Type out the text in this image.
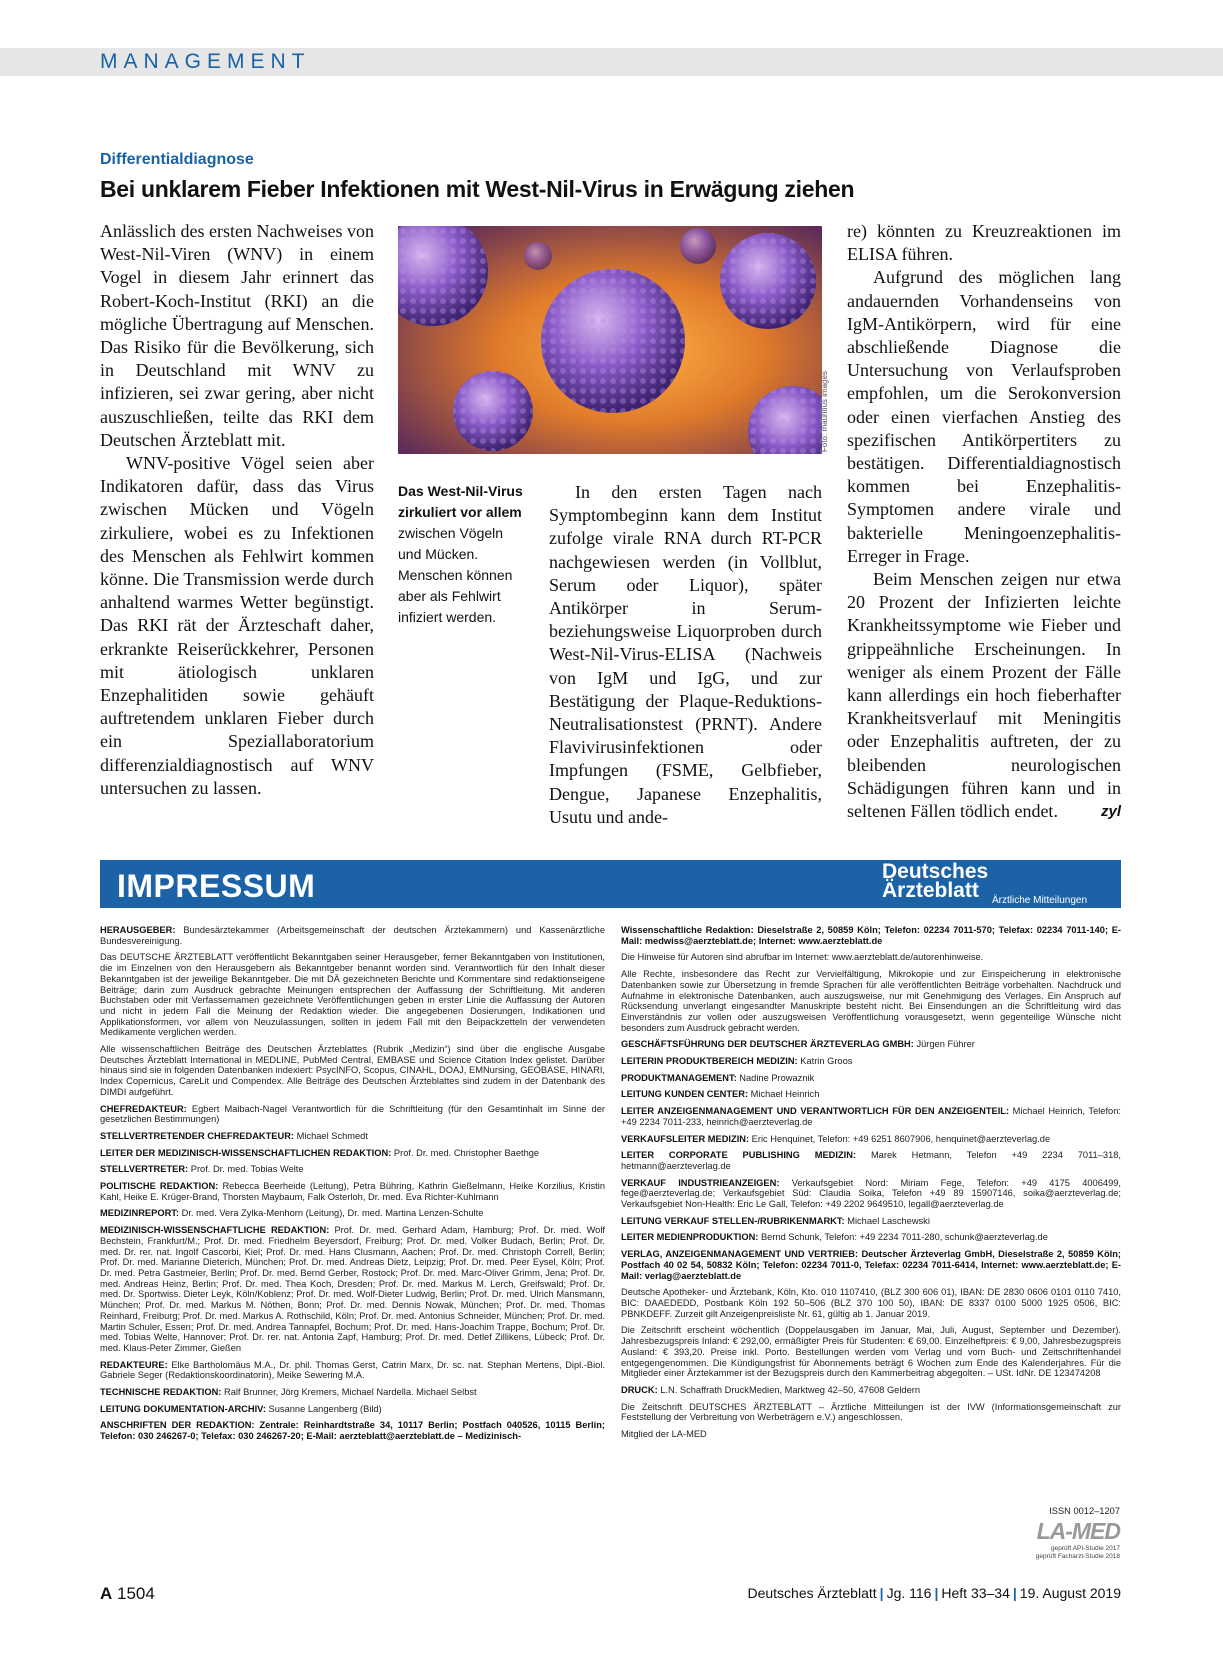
MANAGEMENT
Differentialdiagnose
Bei unklarem Fieber Infektionen mit West-Nil-Virus in Erwägung ziehen

Anlässlich des ersten Nachweises von West-Nil-Viren (WNV) in einem Vogel in diesem Jahr erinnert das Robert-Koch-Institut (RKI) an die mögliche Übertragung auf Menschen. Das Risiko für die Bevölkerung, sich in Deutschland mit WNV zu infizieren, sei zwar gering, aber nicht auszuschließen, teilte das RKI dem Deutschen Ärzteblatt mit.

WNV-positive Vögel seien aber Indikatoren dafür, dass das Virus zwischen Mücken und Vögeln zirkuliere, wobei es zu Infektionen des Menschen als Fehlwirt kommen könne. Die Transmission werde durch anhaltend warmes Wetter begünstigt. Das RKI rät der Ärzteschaft daher, erkrankte Reiserückkehrer, Personen mit ätiologisch unklaren Enzephalitiden sowie gehäuft auftretendem unklaren Fieber durch ein Speziallaboratorium differenzialdiagnostisch auf WNV untersuchen zu lassen.

Foto: mauritius images
Das West-Nil-Virus zirkuliert vor allem zwischen Vögeln und Mücken. Menschen können aber als Fehlwirt infiziert werden.

In den ersten Tagen nach Symptombeginn kann dem Institut zufolge virale RNA durch RT-PCR nachgewiesen werden (in Vollblut, Serum oder Liquor), später Antikörper in Serum- beziehungsweise Liquorproben durch West-Nil-Virus-ELISA (Nachweis von IgM und IgG, und zur Bestätigung der Plaque-Reduktions-Neutralisationstest (PRNT). Andere Flavivirusinfektionen oder Impfungen (FSME, Gelbfieber, Dengue, Japanese Enzephalitis, Usutu und ande-

re) könnten zu Kreuzreaktionen im ELISA führen.

Aufgrund des möglichen lang andauernden Vorhandenseins von IgM-Antikörpern, wird für eine abschließende Diagnose die Untersuchung von Verlaufsproben empfohlen, um die Serokonversion oder einen vierfachen Anstieg des spezifischen Antikörpertiters zu bestätigen. Differentialdiagnostisch kommen bei Enzephalitis-Symptomen andere virale und bakterielle Meningoenzephalitis-Erreger in Frage.

Beim Menschen zeigen nur etwa 20 Prozent der Infizierten leichte Krankheitssymptome wie Fieber und grippeähnliche Erscheinungen. In weniger als einem Prozent der Fälle kann allerdings ein hoch fieberhafter Krankheitsverlauf mit Meningitis oder Enzephalitis auftreten, der zu bleibenden neurologischen Schädigungen führen kann und in seltenen Fällen tödlich endet.	zyl

IMPRESSUM	Deutsches
Ärzteblatt	Ärztliche Mitteilungen

HERAUSGEBER: Bundesärztekammer (Arbeitsgemeinschaft der deutschen Ärztekammern) und Kassenärztliche Bundesvereinigung.

Das DEUTSCHE ÄRZTEBLATT veröffentlicht Bekanntgaben seiner Herausgeber, ferner Bekanntgaben von Institutionen, die im Einzelnen von den Herausgebern als Bekanntgeber benannt worden sind. Verantwortlich für den Inhalt dieser Bekanntgaben ist der jeweilige Bekanntgeber. Die mit DÄ gezeichneten Berichte und Kommentare sind redaktionseigene Beiträge; darin zum Ausdruck gebrachte Meinungen entsprechen der Auffassung der Schriftleitung. Mit anderen Buchstaben oder mit Verfassernamen gezeichnete Veröffentlichungen geben in erster Linie die Auffassung der Autoren und nicht in jedem Fall die Meinung der Redaktion wieder. Die angegebenen Dosierungen, Indikationen und Applikationsformen, vor allem von Neuzulassungen, sollten in jedem Fall mit den Beipackzetteln der verwendeten Medikamente verglichen werden.

Alle wissenschaftlichen Beiträge des Deutschen Ärzteblattes (Rubrik „Medizin“) sind über die englische Ausgabe Deutsches Ärzteblatt International in MEDLINE, PubMed Central, EMBASE und Science Citation Index gelistet. Darüber hinaus sind sie in folgenden Datenbanken indexiert: PsycINFO, Scopus, CINAHL, DOAJ, EMNursing, GEOBASE, HINARI, Index Copernicus, CareLit und Compendex. Alle Beiträge des Deutschen Ärzteblattes sind zudem in der Datenbank des DIMDI aufgeführt.

CHEFREDAKTEUR: Egbert Maibach-Nagel Verantwortlich für die Schriftleitung (für den Gesamtinhalt im Sinne der gesetzlichen Bestimmungen)

STELLVERTRETENDER CHEFREDAKTEUR: Michael Schmedt

LEITER DER MEDIZINISCH-WISSENSCHAFTLICHEN REDAKTION: Prof. Dr. med. Christopher Baethge

STELLVERTRETER: Prof. Dr. med. Tobias Welte

POLITISCHE REDAKTION: Rebecca Beerheide (Leitung), Petra Bühring, Kathrin Gießelmann, Heike Korzilius, Kristin Kahl, Heike E. Krüger-Brand, Thorsten Maybaum, Falk Osterloh, Dr. med. Eva Richter-Kuhlmann

MEDIZINREPORT: Dr. med. Vera Zylka-Menhorn (Leitung), Dr. med. Martina Lenzen-Schulte

MEDIZINISCH-WISSENSCHAFTLICHE REDAKTION: Prof. Dr. med. Gerhard Adam, Hamburg; Prof. Dr. med. Wolf Bechstein, Frankfurt/M.; Prof. Dr. med. Friedhelm Beyersdorf, Freiburg; Prof. Dr. med. Volker Budach, Berlin; Prof. Dr. med. Dr. rer. nat. Ingolf Cascorbi, Kiel; Prof. Dr. med. Hans Clusmann, Aachen; Prof. Dr. med. Christoph Correll, Berlin; Prof. Dr. med. Marianne Dieterich, München; Prof. Dr. med. Andreas Dietz, Leipzig; Prof. Dr. med. Peer Eysel, Köln; Prof. Dr. med. Petra Gastmeier, Berlin; Prof. Dr. med. Bernd Gerber, Rostock; Prof. Dr. med. Marc-Oliver Grimm, Jena; Prof. Dr. med. Andreas Heinz, Berlin; Prof. Dr. med. Thea Koch, Dresden; Prof. Dr. med. Markus M. Lerch, Greifswald; Prof. Dr. med. Dr. Sportwiss. Dieter Leyk, Köln/Koblenz; Prof. Dr. med. Wolf-Dieter Ludwig, Berlin; Prof. Dr. med. Ulrich Mansmann, München; Prof. Dr. med. Markus M. Nöthen, Bonn; Prof. Dr. med. Dennis Nowak, München; Prof. Dr. med. Thomas Reinhard, Freiburg; Prof. Dr. med. Markus A. Rothschild, Köln; Prof. Dr. med. Antonius Schneider, München; Prof. Dr. med. Martin Schuler, Essen; Prof. Dr. med. Andrea Tannapfel, Bochum; Prof. Dr. med. Hans-Joachim Trappe, Bochum; Prof. Dr. med. Tobias Welte, Hannover; Prof. Dr. rer. nat. Antonia Zapf, Hamburg; Prof. Dr. med. Detlef Zillikens, Lübeck; Prof. Dr. med. Klaus-Peter Zimmer, Gießen

REDAKTEURE: Elke Bartholomäus M.A., Dr. phil. Thomas Gerst, Catrin Marx, Dr. sc. nat. Stephan Mertens, Dipl.-Biol. Gabriele Seger (Redaktionskoordinatorin), Meike Sewering M.A.

TECHNISCHE REDAKTION: Ralf Brunner, Jörg Kremers, Michael Nardella. Michael Selbst

LEITUNG DOKUMENTATION-ARCHIV: Susanne Langenberg (Bild)

ANSCHRIFTEN DER REDAKTION: Zentrale: Reinhardtstraße 34, 10117 Berlin; Postfach 040526, 10115 Berlin; Telefon: 030 246267-0; Telefax: 030 246267-20; E-Mail: aerzteblatt@aerzteblatt.de – Medizinisch-

Wissenschaftliche Redaktion: Dieselstraße 2, 50859 Köln; Telefon: 02234 7011-570; Telefax: 02234 7011-140; E-Mail: medwiss@aerzteblatt.de; Internet: www.aerzteblatt.de

Die Hinweise für Autoren sind abrufbar im Internet: www.aerzteblatt.de/autorenhinweise.

Alle Rechte, insbesondere das Recht zur Vervielfältigung, Mikrokopie und zur Einspeicherung in elektronische Datenbanken sowie zur Übersetzung in fremde Sprachen für alle veröffentlichten Beiträge vorbehalten. Nachdruck und Aufnahme in elektronische Datenbanken, auch auszugsweise, nur mit Genehmigung des Verlages. Ein Anspruch auf Rücksendung unverlangt eingesandter Manuskripte besteht nicht. Bei Einsendungen an die Schriftleitung wird das Einverständnis zur vollen oder auszugsweisen Veröffentlichung vorausgesetzt, wenn gegenteilige Wünsche nicht besonders zum Ausdruck gebracht werden.

GESCHÄFTSFÜHRUNG DER DEUTSCHER ÄRZTEVERLAG GMBH: Jürgen Führer

LEITERIN PRODUKTBEREICH MEDIZIN: Katrin Groos

PRODUKTMANAGEMENT: Nadine Prowaznik

LEITUNG KUNDEN CENTER: Michael Heinrich

LEITER ANZEIGENMANAGEMENT UND VERANTWORTLICH FÜR DEN ANZEIGENTEIL: Michael Heinrich, Telefon: +49 2234 7011-233, heinrich@aerzteverlag.de

VERKAUFSLEITER MEDIZIN: Eric Henquinet, Telefon: +49 6251 8607906, henquinet@aerzteverlag.de

LEITER CORPORATE PUBLISHING MEDIZIN: Marek Hetmann, Telefon +49 2234 7011–318, hetmann@aerzteverlag.de

VERKAUF INDUSTRIEANZEIGEN: Verkaufsgebiet Nord: Miriam Fege, Telefon: +49 4175 4006499, fege@aerzteverlag.de; Verkaufsgebiet Süd: Claudia Soika, Telefon +49 89 15907146, soika@aerzteverlag.de; Verkaufsgebiet Non-Health: Eric Le Gall, Telefon: +49 2202 9649510, legall@aerzteverlag.de

LEITUNG VERKAUF STELLEN-/RUBRIKENMARKT: Michael Laschewski

LEITER MEDIENPRODUKTION: Bernd Schunk, Telefon: +49 2234 7011-280, schunk@aerzteverlag.de

VERLAG, ANZEIGENMANAGEMENT UND VERTRIEB: Deutscher Ärzteverlag GmbH, Dieselstraße 2, 50859 Köln; Postfach 40 02 54, 50832 Köln; Telefon: 02234 7011-0, Telefax: 02234 7011-6414, Internet: www.aerzteblatt.de; E-Mail: verlag@aerzteblatt.de

Deutsche Apotheker- und Ärztebank, Köln, Kto. 010 1107410, (BLZ 300 606 01), IBAN: DE 2830 0606 0101 0110 7410, BIC: DAAEDEDD, Postbank Köln 192 50–506 (BLZ 370 100 50), IBAN: DE 8337 0100 5000 1925 0506, BIC: PBNKDEFF. Zurzeit gilt Anzeigenpreisliste Nr. 61, gültig ab 1. Januar 2019.

Die Zeitschrift erscheint wöchentlich (Doppelausgaben im Januar, Mai, Juli, August, September und Dezember). Jahresbezugspreis Inland: € 292,00, ermäßigter Preis für Studenten: € 69,00. Einzelheftpreis: € 9,00, Jahresbezugspreis Ausland: € 393,20. Preise inkl. Porto. Bestellungen werden vom Verlag und vom Buch- und Zeitschriftenhandel entgegengenommen. Die Kündigungsfrist für Abonnements beträgt 6 Wochen zum Ende des Kalenderjahres. Für die Mitglieder einer Ärztekammer ist der Bezugspreis durch den Kammerbeitrag abgegolten. – USt. IdNr. DE 123474208

DRUCK: L.N. Schaffrath DruckMedien, Marktweg 42–50, 47608 Geldern

Die Zeitschrift DEUTSCHES ÄRZTEBLATT – Ärztliche Mitteilungen ist der IVW (Informationsgemeinschaft zur Feststellung der Verbreitung von Werbeträgern e.V.) angeschlossen.

Mitglied der LA-MED

ISSN 0012–1207
LA-MED
geprüft API-Studie 2017
geprüft Facharzt-Studie 2018
A 1504	Deutsches Ärzteblatt | Jg. 116 | Heft 33–34 | 19. August 2019
